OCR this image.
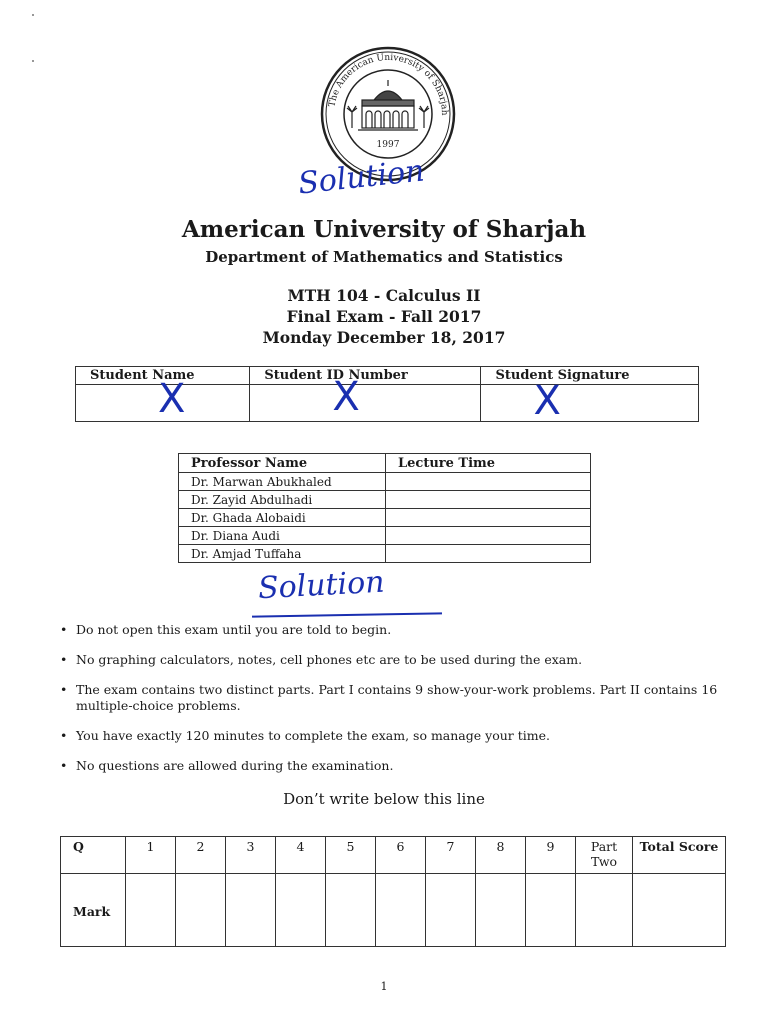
The American University of Sharjah
1997
Solution
American University of Sharjah
Department of Mathematics and Statistics
MTH 104 - Calculus II
Final Exam - Fall 2017
Monday December 18, 2017
Student Name	Student ID Number	Student Signature

X	X	X
Professor Name	Lecture Time
Dr. Marwan Abukhaled	
Dr. Zayid Abdulhadi	
Dr. Ghada Alobaidi	
Dr. Diana Audi	
Dr. Amjad Tuffaha	
Solution
• Do not open this exam until you are told to begin.
• No graphing calculators, notes, cell phones etc are to be used during the exam.
• The exam contains two distinct parts. Part I contains 9 show-your-work problems. Part II contains 16 multiple-choice problems.
• You have exactly 120 minutes to complete the exam, so manage your time.
• No questions are allowed during the examination.
Don’t write below this line
Q	1	2	3	4	5	6	7	8	9	Part Two	Total Score
Mark											
1
